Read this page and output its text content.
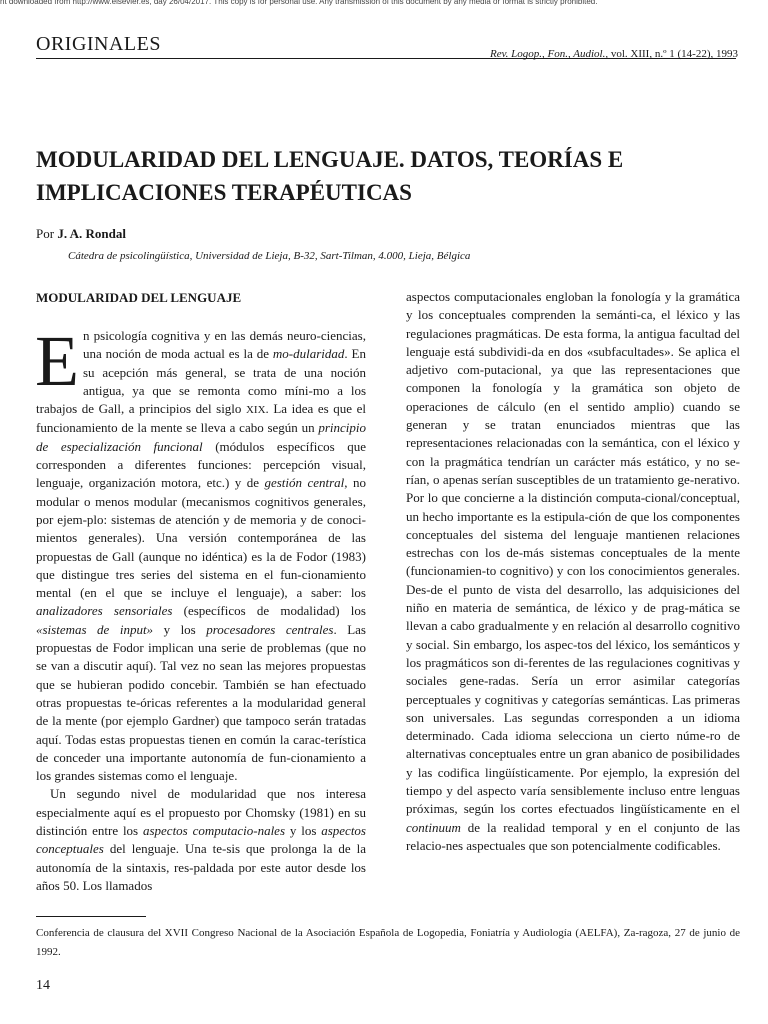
nt downloaded from http://www.elsevier.es, day 26/04/2017. This copy is for personal use. Any transmission of this document by any media or format is strictly prohibited.
ORIGINALES	Rev. Logop., Fon., Audiol., vol. XIII, n.º 1 (14-22), 1993
MODULARIDAD DEL LENGUAJE. DATOS, TEORÍAS E IMPLICACIONES TERAPÉUTICAS
Por J. A. Rondal
Cátedra de psicolingüística, Universidad de Lieja, B-32, Sart-Tilman, 4.000, Lieja, Bélgica
MODULARIDAD DEL LENGUAJE

En psicología cognitiva y en las demás neuro-ciencias, una noción de moda actual es la de mo-dularidad. En su acepción más general, se trata de una noción antigua, ya que se remonta como míni-mo a los trabajos de Gall, a principios del siglo XIX. La idea es que el funcionamiento de la mente se lleva a cabo según un principio de especialización funcional (módulos específicos que corresponden a diferentes funciones: percepción visual, lenguaje, organización motora, etc.) y de gestión central, no modular o menos modular (mecanismos cognitivos generales, por ejem-plo: sistemas de atención y de memoria y de conoci-mientos generales). Una versión contemporánea de las propuestas de Gall (aunque no idéntica) es la de Fodor (1983) que distingue tres series del sistema en el fun-cionamiento mental (en el que se incluye el lenguaje), a saber: los analizadores sensoriales (específicos de modalidad) los «sistemas de input» y los procesadores centrales. Las propuestas de Fodor implican una serie de problemas (que no se van a discutir aquí). Tal vez no sean las mejores propuestas que se hubieran podido concebir. También se han efectuado otras propuestas te-óricas referentes a la modularidad general de la mente (por ejemplo Gardner) que tampoco serán tratadas aquí. Todas estas propuestas tienen en común la carac-terística de conceder una importante autonomía de fun-cionamiento a los grandes sistemas como el lenguaje.

Un segundo nivel de modularidad que nos interesa especialmente aquí es el propuesto por Chomsky (1981) en su distinción entre los aspectos computacio-nales y los aspectos conceptuales del lenguaje. Una te-sis que prolonga la de la autonomía de la sintaxis, res-paldada por este autor desde los años 50. Los llamados

aspectos computacionales engloban la fonología y la gramática y los conceptuales comprenden la semánti-ca, el léxico y las regulaciones pragmáticas. De esta forma, la antigua facultad del lenguaje está subdividi-da en dos «subfacultades». Se aplica el adjetivo com-putacional, ya que las representaciones que componen la fonología y la gramática son objeto de operaciones de cálculo (en el sentido amplio) cuando se generan y se tratan enunciados mientras que las representaciones relacionadas con la semántica, con el léxico y con la pragmática tendrían un carácter más estático, y no se-rían, o apenas serían susceptibles de un tratamiento ge-nerativo. Por lo que concierne a la distinción computa-cional/conceptual, un hecho importante es la estipula-ción de que los componentes conceptuales del sistema del lenguaje mantienen relaciones estrechas con los de-más sistemas conceptuales de la mente (funcionamien-to cognitivo) y con los conocimientos generales. Des-de el punto de vista del desarrollo, las adquisiciones del niño en materia de semántica, de léxico y de prag-mática se llevan a cabo gradualmente y en relación al desarrollo cognitivo y social. Sin embargo, los aspec-tos del léxico, los semánticos y los pragmáticos son di-ferentes de las regulaciones cognitivas y sociales gene-radas. Sería un error asimilar categorías perceptuales y cognitivas y categorías semánticas. Las primeras son universales. Las segundas corresponden a un idioma determinado. Cada idioma selecciona un cierto núme-ro de alternativas conceptuales entre un gran abanico de posibilidades y las codifica lingüísticamente. Por ejemplo, la expresión del tiempo y del aspecto varía sensiblemente incluso entre lenguas próximas, según los cortes efectuados lingüísticamente en el continuum de la realidad temporal y en el conjunto de las relacio-nes aspectuales que son potencialmente codificables.

Conferencia de clausura del XVII Congreso Nacional de la Asociación Española de Logopedia, Foniatría y Audiología (AELFA), Za-ragoza, 27 de junio de 1992.
14
